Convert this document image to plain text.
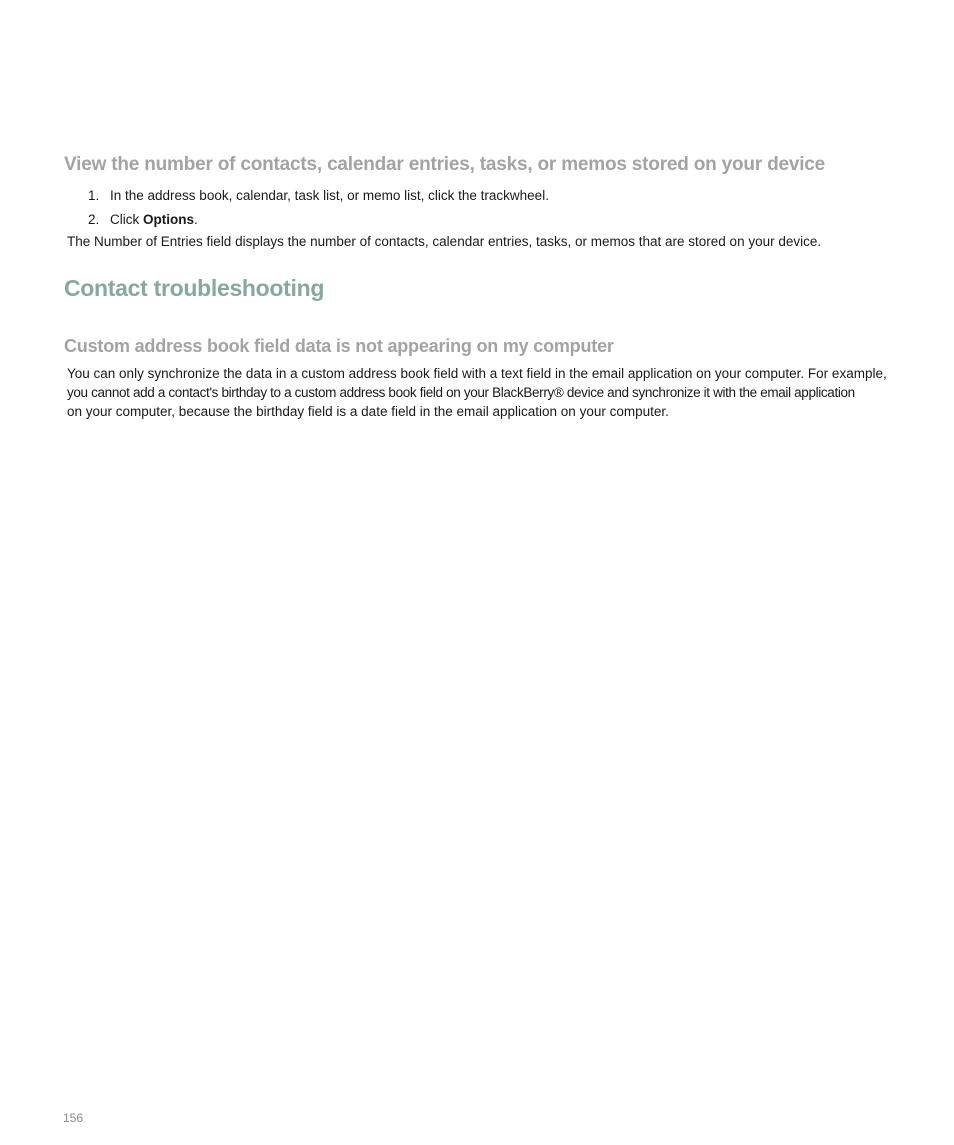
View the number of contacts, calendar entries, tasks, or memos stored on your device
1. In the address book, calendar, task list, or memo list, click the trackwheel.
2. Click Options.

The Number of Entries field displays the number of contacts, calendar entries, tasks, or memos that are stored on your device.

Contact troubleshooting
Custom address book field data is not appearing on my computer

You can only synchronize the data in a custom address book field with a text field in the email application on your computer. For example,
you cannot add a contact's birthday to a custom address book field on your BlackBerry® device and synchronize it with the email application
on your computer, because the birthday field is a date field in the email application on your computer.

156
